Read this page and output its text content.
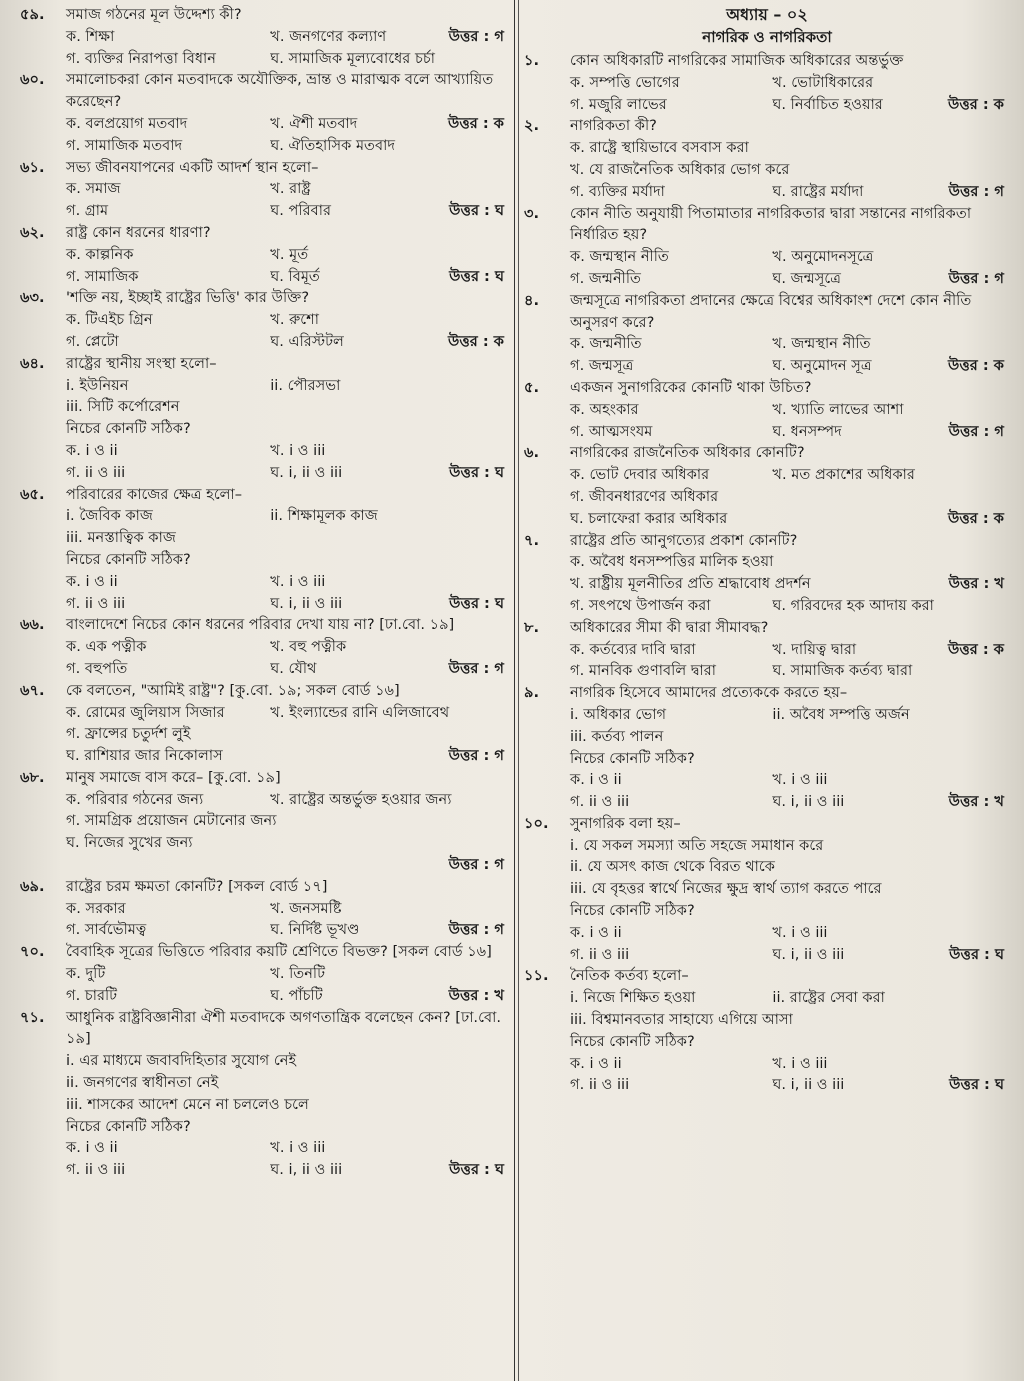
৫৯.	সমাজ গঠনের মূল উদ্দেশ্য কী?
ক. শিক্ষা	খ. জনগণের কল্যাণ	উত্তর : গ
গ. ব্যক্তির নিরাপত্তা বিধান	ঘ. সামাজিক মূল্যবোধের চর্চা
৬০.	সমালোচকরা কোন মতবাদকে অযৌক্তিক, ভ্রান্ত ও মারাত্মক বলে আখ্যায়িত করেছেন?
ক. বলপ্রয়োগ মতবাদ	খ. ঐশী মতবাদ	উত্তর : ক
গ. সামাজিক মতবাদ	ঘ. ঐতিহাসিক মতবাদ
৬১.	সভ্য জীবনযাপনের একটি আদর্শ স্থান হলো–
ক. সমাজ	খ. রাষ্ট্র
গ. গ্রাম	ঘ. পরিবার	উত্তর : ঘ
৬২.	রাষ্ট্র কোন ধরনের ধারণা?
ক. কাল্পনিক	খ. মূর্ত
গ. সামাজিক	ঘ. বিমূর্ত	উত্তর : ঘ
৬৩.	'শক্তি নয়, ইচ্ছাই রাষ্ট্রের ভিত্তি' কার উক্তি?
ক. টিএইচ গ্রিন	খ. রুশো
গ. প্লেটো	ঘ. এরিস্টটল	উত্তর : ক
৬৪.	রাষ্ট্রের স্থানীয় সংস্থা হলো–
i. ইউনিয়ন	ii. পৌরসভা
iii. সিটি কর্পোরেশন
নিচের কোনটি সঠিক?
ক. i ও ii	খ. i ও iii
গ. ii ও iii	ঘ. i, ii ও iii	উত্তর : ঘ
৬৫.	পরিবারের কাজের ক্ষেত্র হলো–
i. জৈবিক কাজ	ii. শিক্ষামূলক কাজ
iii. মনস্তাত্বিক কাজ
নিচের কোনটি সঠিক?
ক. i ও ii	খ. i ও iii
গ. ii ও iii	ঘ. i, ii ও iii	উত্তর : ঘ
৬৬.	বাংলাদেশে নিচের কোন ধরনের পরিবার দেখা যায় না? [ঢা.বো. ১৯]
ক. এক পত্নীক	খ. বহু পত্নীক
গ. বহুপতি	ঘ. যৌথ	উত্তর : গ
৬৭.	কে বলতেন, "আমিই রাষ্ট্র"? [কু.বো. ১৯; সকল বোর্ড ১৬]
ক. রোমের জুলিয়াস সিজার	খ. ইংল্যান্ডের রানি এলিজাবেথ
গ. ফ্রান্সের চতুর্দশ লুই
ঘ. রাশিয়ার জার নিকোলাস	উত্তর : গ
৬৮.	মানুষ সমাজে বাস করে– [কু.বো. ১৯]
ক. পরিবার গঠনের জন্য	খ. রাষ্ট্রের অন্তর্ভুক্ত হওয়ার জন্য
গ. সামগ্রিক প্রয়োজন মেটানোর জন্য
ঘ. নিজের সুখের জন্য
উত্তর : গ
৬৯.	রাষ্ট্রের চরম ক্ষমতা কোনটি? [সকল বোর্ড ১৭]
ক. সরকার	খ. জনসমষ্টি
গ. সার্বভৌমত্ব	ঘ. নির্দিষ্ট ভূখণ্ড	উত্তর : গ
৭০.	বৈবাহিক সূত্রের ভিত্তিতে পরিবার কয়টি শ্রেণিতে বিভক্ত? [সকল বোর্ড ১৬]
ক. দুটি	খ. তিনটি
গ. চারটি	ঘ. পাঁচটি	উত্তর : খ
৭১.	আধুনিক রাষ্ট্রবিজ্ঞানীরা ঐশী মতবাদকে অগণতান্ত্রিক বলেছেন কেন? [ঢা.বো. ১৯]
i. এর মাধ্যমে জবাবদিহিতার সুযোগ নেই
ii. জনগণের স্বাধীনতা নেই
iii. শাসকের আদেশ মেনে না চললেও চলে
নিচের কোনটি সঠিক?
ক. i ও ii	খ. i ও iii
গ. ii ও iii	ঘ. i, ii ও iii	উত্তর : ঘ
অধ্যায় – ০২
নাগরিক ও নাগরিকতা
১.	কোন অধিকারটি নাগরিকের সামাজিক অধিকারের অন্তর্ভুক্ত
ক. সম্পত্তি ভোগের	খ. ভোটাধিকারের
গ. মজুরি লাভের	ঘ. নির্বাচিত হওয়ার	উত্তর : ক
২.	নাগরিকতা কী?
ক. রাষ্ট্রে স্থায়িভাবে বসবাস করা
খ. যে রাজনৈতিক অধিকার ভোগ করে
গ. ব্যক্তির মর্যাদা	ঘ. রাষ্ট্রের মর্যাদা	উত্তর : গ
৩.	কোন নীতি অনুযায়ী পিতামাতার নাগরিকতার দ্বারা সন্তানের নাগরিকতা নির্ধারিত হয়?
ক. জন্মস্থান নীতি	খ. অনুমোদনসূত্রে
গ. জন্মনীতি	ঘ. জন্মসূত্রে	উত্তর : গ
৪.	জন্মসূত্রে নাগরিকতা প্রদানের ক্ষেত্রে বিশ্বের অধিকাংশ দেশে কোন নীতি অনুসরণ করে?
ক. জন্মনীতি	খ. জন্মস্থান নীতি
গ. জন্মসূত্র	ঘ. অনুমোদন সূত্র	উত্তর : ক
৫.	একজন সুনাগরিকের কোনটি থাকা উচিত?
ক. অহংকার	খ. খ্যাতি লাভের আশা
গ. আত্মসংযম	ঘ. ধনসম্পদ	উত্তর : গ
৬.	নাগরিকের রাজনৈতিক অধিকার কোনটি?
ক. ভোট দেবার অধিকার	খ. মত প্রকাশের অধিকার
গ. জীবনধারণের অধিকার
ঘ. চলাফেরা করার অধিকার	উত্তর : ক
৭.	রাষ্ট্রের প্রতি আনুগত্যের প্রকাশ কোনটি?
ক. অবৈধ ধনসম্পত্তির মালিক হওয়া
খ. রাষ্ট্রীয় মূলনীতির প্রতি শ্রদ্ধাবোধ প্রদর্শন	উত্তর : খ
গ. সৎপথে উপার্জন করা	ঘ. গরিবদের হক আদায় করা
৮.	অধিকারের সীমা কী দ্বারা সীমাবদ্ধ?
ক. কর্তব্যের দাবি দ্বারা	খ. দায়িত্ব দ্বারা	উত্তর : ক
গ. মানবিক গুণাবলি দ্বারা	ঘ. সামাজিক কর্তব্য দ্বারা
৯.	নাগরিক হিসেবে আমাদের প্রত্যেককে করতে হয়–
i. অধিকার ভোগ	ii. অবৈধ সম্পত্তি অর্জন
iii. কর্তব্য পালন
নিচের কোনটি সঠিক?
ক. i ও ii	খ. i ও iii
গ. ii ও iii	ঘ. i, ii ও iii	উত্তর : খ
১০.	সুনাগরিক বলা হয়–
i. যে সকল সমস্যা অতি সহজে সমাধান করে
ii. যে অসৎ কাজ থেকে বিরত থাকে
iii. যে বৃহত্তর স্বার্থে নিজের ক্ষুদ্র স্বার্থ ত্যাগ করতে পারে
নিচের কোনটি সঠিক?
ক. i ও ii	খ. i ও iii
গ. ii ও iii	ঘ. i, ii ও iii	উত্তর : ঘ
১১.	নৈতিক কর্তব্য হলো–
i. নিজে শিক্ষিত হওয়া	ii. রাষ্ট্রের সেবা করা
iii. বিশ্বমানবতার সাহায্যে এগিয়ে আসা
নিচের কোনটি সঠিক?
ক. i ও ii	খ. i ও iii
গ. ii ও iii	ঘ. i, ii ও iii	উত্তর : ঘ
